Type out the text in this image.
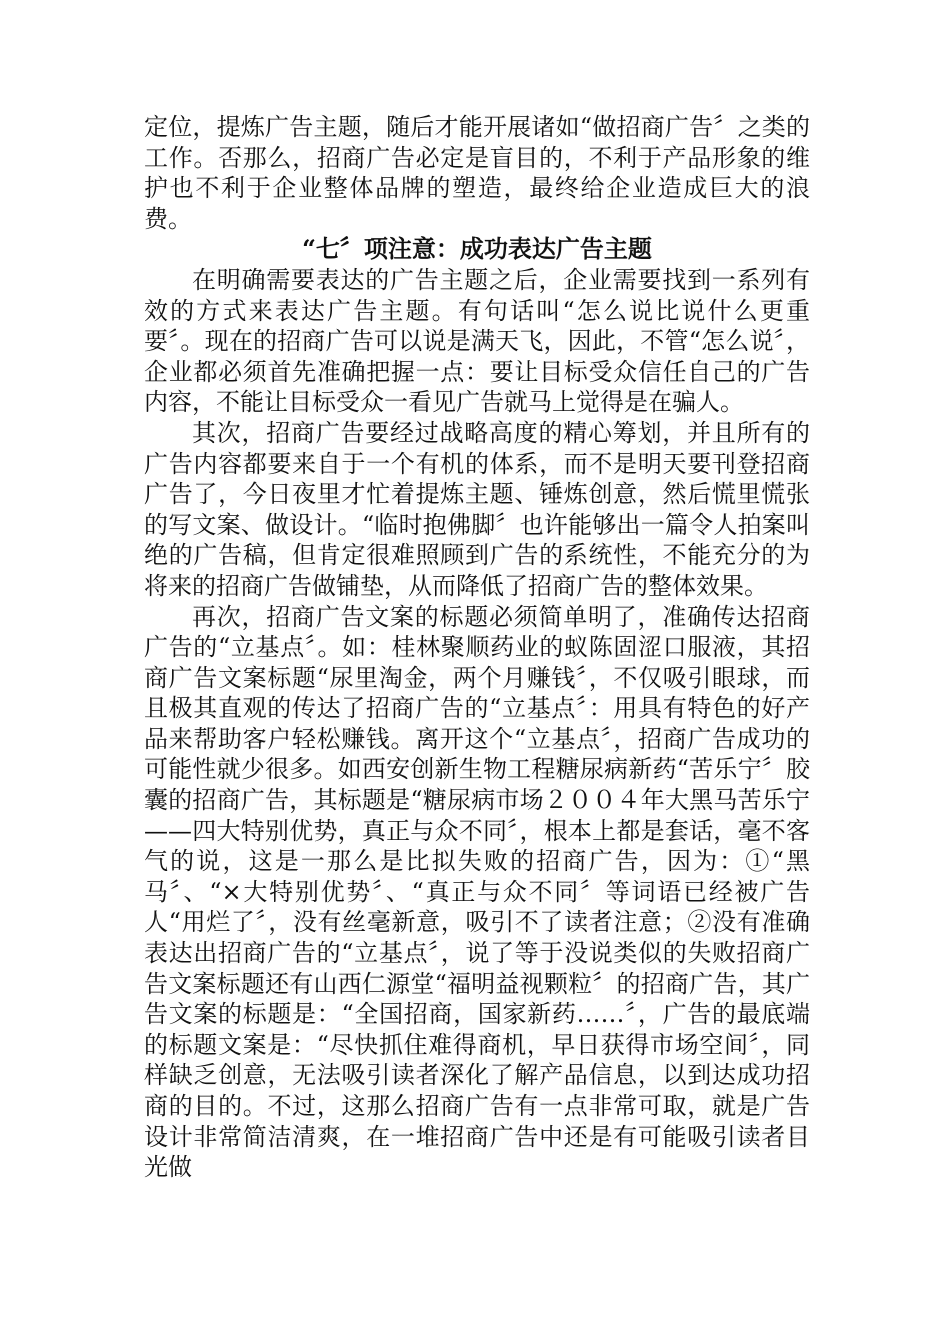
定位，提炼广告主题，随后才能开展诸如“做招商广告〞之类的工作。否那么，招商广告必定是盲目的，不利于产品形象的维护也不利于企业整体品牌的塑造，最终给企业造成巨大的浪费。

“七〞项注意：成功表达广告主题

在明确需要表达的广告主题之后，企业需要找到一系列有效的方式来表达广告主题。有句话叫“怎么说比说什么更重要〞。现在的招商广告可以说是满天飞，因此，不管“怎么说〞，企业都必须首先准确把握一点：要让目标受众信任自己的广告内容，不能让目标受众一看见广告就马上觉得是在骗人。

其次，招商广告要经过战略高度的精心筹划，并且所有的广告内容都要来自于一个有机的体系，而不是明天要刊登招商广告了，今日夜里才忙着提炼主题、锤炼创意，然后慌里慌张的写文案、做设计。“临时抱佛脚〞也许能够出一篇令人拍案叫绝的广告稿，但肯定很难照顾到广告的系统性，不能充分的为将来的招商广告做铺垫，从而降低了招商广告的整体效果。

再次，招商广告文案的标题必须简单明了，准确传达招商广告的“立基点〞。如：桂林聚顺药业的蚁陈固涩口服液，其招商广告文案标题“尿里淘金，两个月赚钱〞，不仅吸引眼球，而且极其直观的传达了招商广告的“立基点〞：用具有特色的好产品来帮助客户轻松赚钱。离开这个“立基点〞，招商广告成功的可能性就少很多。如西安创新生物工程糖尿病新药“苦乐宁〞胶囊的招商广告，其标题是“糖尿病市场２００４年大黑马苦乐宁——四大特别优势，真正与众不同〞，根本上都是套话，毫不客气的说，这是一那么是比拟失败的招商广告，因为：①“黑马〞、“×大特别优势〞、“真正与众不同〞等词语已经被广告人“用烂了〞，没有丝毫新意，吸引不了读者注意；②没有准确表达出招商广告的“立基点〞，说了等于没说类似的失败招商广告文案标题还有山西仁源堂“福明益视颗粒〞的招商广告，其广告文案的标题是：“全国招商，国家新药……〞，广告的最底端的标题文案是：“尽快抓住难得商机，早日获得市场空间〞，同样缺乏创意，无法吸引读者深化了解产品信息，以到达成功招商的目的。不过，这那么招商广告有一点非常可取，就是广告设计非常简洁清爽，在一堆招商广告中还是有可能吸引读者目光做
